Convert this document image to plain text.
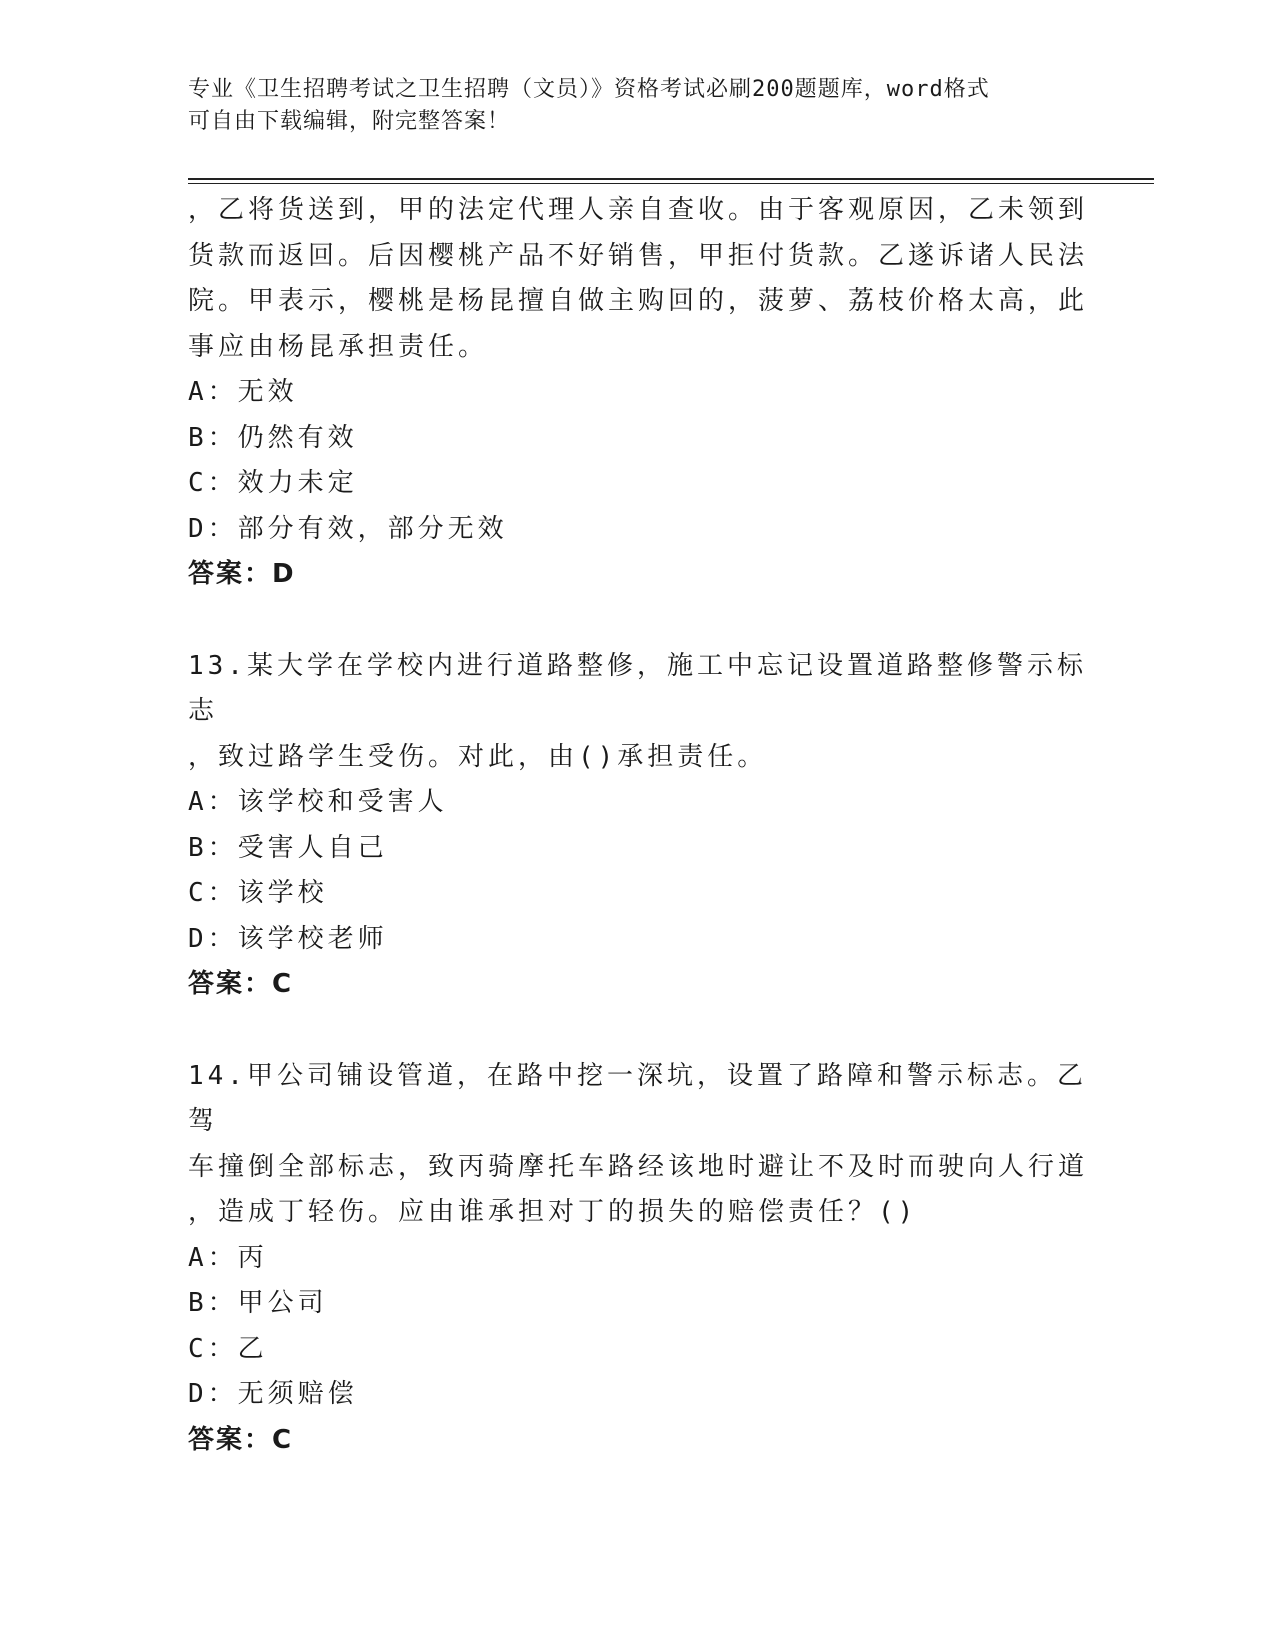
专业《卫生招聘考试之卫生招聘（文员）》资格考试必刷200题题库，word格式
可自由下载编辑，附完整答案！

，乙将货送到，甲的法定代理人亲自查收。由于客观原因，乙未领到

货款而返回。后因樱桃产品不好销售，甲拒付货款。乙遂诉诸人民法

院。甲表示，樱桃是杨昆擅自做主购回的，菠萝、荔枝价格太高，此

事应由杨昆承担责任。

A：无效

B：仍然有效

C：效力未定

D：部分有效，部分无效

答案：D

13.某大学在学校内进行道路整修，施工中忘记设置道路整修警示标志

，致过路学生受伤。对此，由()承担责任。

A：该学校和受害人

B：受害人自己

C：该学校

D：该学校老师

答案：C

14.甲公司铺设管道，在路中挖一深坑，设置了路障和警示标志。乙驾

车撞倒全部标志，致丙骑摩托车路经该地时避让不及时而驶向人行道

，造成丁轻伤。应由谁承担对丁的损失的赔偿责任？()

A：丙

B：甲公司

C：乙

D：无须赔偿

答案：C
